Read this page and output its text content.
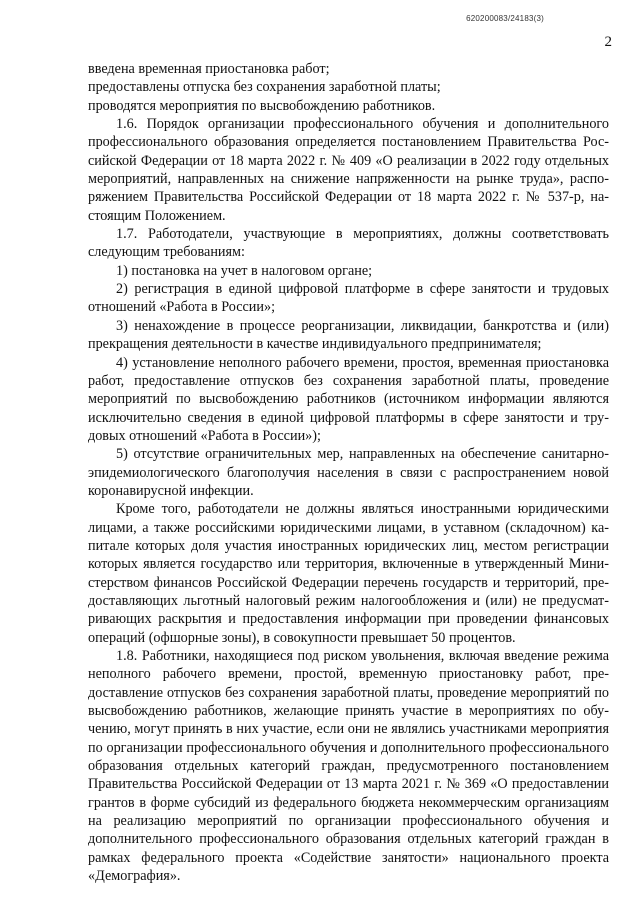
620200083/24183(3)
2

введена временная приостановка работ;

предоставлены отпуска без сохранения заработной платы;

проводятся мероприятия по высвобождению работников.

1.6. Порядок организации профессионального обучения и дополнительного профессионального образования определяется постановлением Правительства Российской Федерации от 18 марта 2022 г. № 409 «О реализации в 2022 году отдельных мероприятий, направленных на снижение напряженности на рынке труда», распоряжением Правительства Российской Федерации от 18 марта 2022 г. № 537-р, настоящим Положением.

1.7. Работодатели, участвующие в мероприятиях, должны соответствовать следующим требованиям:

1) постановка на учет в налоговом органе;

2) регистрация в единой цифровой платформе в сфере занятости и трудовых отношений «Работа в России»;

3) ненахождение в процессе реорганизации, ликвидации, банкротства и (или) прекращения деятельности в качестве индивидуального предпринимателя;

4) установление неполного рабочего времени, простоя, временная приостановка работ, предоставление отпусков без сохранения заработной платы, проведение мероприятий по высвобождению работников (источником информации являются исключительно сведения в единой цифровой платформы в сфере занятости и трудовых отношений «Работа в России»);

5) отсутствие ограничительных мер, направленных на обеспечение санитарно-эпидемиологического благополучия населения в связи с распространением новой коронавирусной инфекции.

Кроме того, работодатели не должны являться иностранными юридическими лицами, а также российскими юридическими лицами, в уставном (складочном) капитале которых доля участия иностранных юридических лиц, местом регистрации которых является государство или территория, включенные в утвержденный Министерством финансов Российской Федерации перечень государств и территорий, предоставляющих льготный налоговый режим налогообложения и (или) не предусматривающих раскрытия и предоставления информации при проведении финансовых операций (офшорные зоны), в совокупности превышает 50 процентов.

1.8. Работники, находящиеся под риском увольнения, включая введение режима неполного рабочего времени, простой, временную приостановку работ, предоставление отпусков без сохранения заработной платы, проведение мероприятий по высвобождению работников, желающие принять участие в мероприятиях по обучению, могут принять в них участие, если они не являлись участниками мероприятия по организации профессионального обучения и дополнительного профессионального образования отдельных категорий граждан, предусмотренного постановлением Правительства Российской Федерации от 13 марта 2021 г. № 369 «О предоставлении грантов в форме субсидий из федерального бюджета некоммерческим организациям на реализацию мероприятий по организации профессионального обучения и дополнительного профессионального образования отдельных категорий граждан в рамках федерального проекта «Содействие занятости» национального проекта «Демография».
